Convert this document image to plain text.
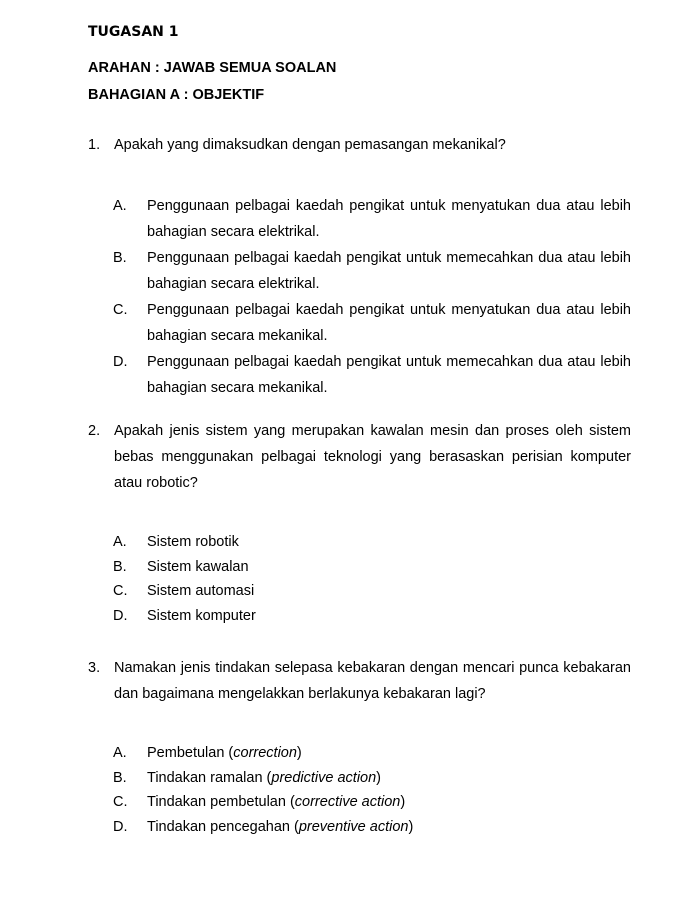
TUGASAN 1
ARAHAN : JAWAB SEMUA SOALAN
BAHAGIAN A : OBJEKTIF
1. Apakah yang dimaksudkan dengan pemasangan mekanikal?
A. Penggunaan pelbagai kaedah pengikat untuk menyatukan dua atau lebih bahagian secara elektrikal.
B. Penggunaan pelbagai kaedah pengikat untuk memecahkan dua atau lebih bahagian secara elektrikal.
C. Penggunaan pelbagai kaedah pengikat untuk menyatukan dua atau lebih bahagian secara mekanikal.
D. Penggunaan pelbagai kaedah pengikat untuk memecahkan dua atau lebih bahagian secara mekanikal.
2. Apakah jenis sistem yang merupakan kawalan mesin dan proses oleh sistem bebas menggunakan pelbagai teknologi yang berasaskan perisian komputer atau robotic?
A. Sistem robotik
B. Sistem kawalan
C. Sistem automasi
D. Sistem komputer
3. Namakan jenis tindakan selepasa kebakaran dengan mencari punca kebakaran dan bagaimana mengelakkan berlakunya kebakaran lagi?
A. Pembetulan (correction)
B. Tindakan ramalan (predictive action)
C. Tindakan pembetulan (corrective action)
D. Tindakan pencegahan (preventive action)
